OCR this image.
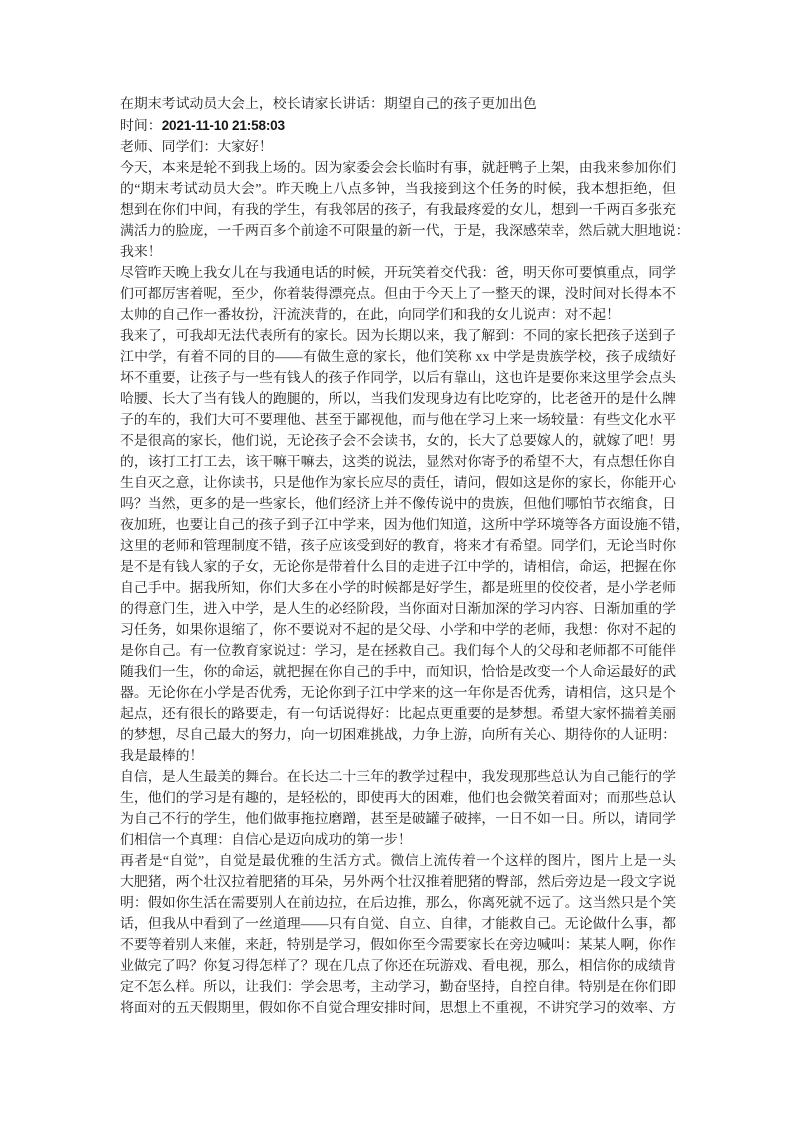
在期末考试动员大会上，校长请家长讲话：期望自己的孩子更加出色
时间：2021-11-10 21:58:03
老师、同学们：大家好！
今天，本来是轮不到我上场的。因为家委会会长临时有事，就赶鸭子上架，由我来参加你们
的“期末考试动员大会”。昨天晚上八点多钟，当我接到这个任务的时候，我本想拒绝，但
想到在你们中间，有我的学生，有我邻居的孩子，有我最疼爱的女儿，想到一千两百多张充
满活力的脸庞，一千两百多个前途不可限量的新一代，于是，我深感荣幸，然后就大胆地说：
我来！
尽管昨天晚上我女儿在与我通电话的时候，开玩笑着交代我：爸，明天你可要慎重点，同学
们可都厉害着呢，至少，你着装得漂亮点。但由于今天上了一整天的课，没时间对长得本不
太帅的自己作一番妆扮，汗流浃背的，在此，向同学们和我的女儿说声：对不起！
我来了，可我却无法代表所有的家长。因为长期以来，我了解到：不同的家长把孩子送到子
江中学，有着不同的目的——有做生意的家长，他们笑称 xx 中学是贵族学校，孩子成绩好
坏不重要，让孩子与一些有钱人的孩子作同学，以后有靠山，这也许是要你来这里学会点头
哈腰、长大了当有钱人的跑腿的，所以，当我们发现身边有比吃穿的，比老爸开的是什么牌
子的车的，我们大可不要理他、甚至于鄙视他，而与他在学习上来一场较量：有些文化水平
不是很高的家长，他们说，无论孩子会不会读书，女的，长大了总要嫁人的，就嫁了吧！男
的，该打工打工去，该干嘛干嘛去，这类的说法，显然对你寄予的希望不大，有点想任你自
生自灭之意，让你读书，只是他作为家长应尽的责任，请问，假如这是你的家长，你能开心
吗？当然，更多的是一些家长，他们经济上并不像传说中的贵族，但他们哪怕节衣缩食，日
夜加班，也要让自己的孩子到子江中学来，因为他们知道，这所中学环境等各方面设施不错，
这里的老师和管理制度不错，孩子应该受到好的教育，将来才有希望。同学们，无论当时你
是不是有钱人家的子女，无论你是带着什么目的走进子江中学的，请相信，命运，把握在你
自己手中。据我所知，你们大多在小学的时候都是好学生，都是班里的佼佼者，是小学老师
的得意门生，进入中学，是人生的必经阶段，当你面对日渐加深的学习内容、日渐加重的学
习任务，如果你退缩了，你不要说对不起的是父母、小学和中学的老师，我想：你对不起的
是你自己。有一位教育家说过：学习，是在拯救自己。我们每个人的父母和老师都不可能伴
随我们一生，你的命运，就把握在你自己的手中，而知识，恰恰是改变一个人命运最好的武
器。无论你在小学是否优秀，无论你到子江中学来的这一年你是否优秀，请相信，这只是个
起点，还有很长的路要走，有一句话说得好：比起点更重要的是梦想。希望大家怀揣着美丽
的梦想，尽自己最大的努力，向一切困难挑战，力争上游，向所有关心、期待你的人证明：
我是最棒的！
自信，是人生最美的舞台。在长达二十三年的教学过程中，我发现那些总认为自己能行的学
生，他们的学习是有趣的，是轻松的，即使再大的困难，他们也会微笑着面对；而那些总认
为自己不行的学生，他们做事拖拉磨蹭，甚至是破罐子破摔，一日不如一日。所以，请同学
们相信一个真理：自信心是迈向成功的第一步！
再者是“自觉”，自觉是最优雅的生活方式。微信上流传着一个这样的图片，图片上是一头
大肥猪，两个壮汉拉着肥猪的耳朵，另外两个壮汉推着肥猪的臀部，然后旁边是一段文字说
明：假如你生活在需要别人在前边拉，在后边推，那么，你离死就不远了。这当然只是个笑
话，但我从中看到了一丝道理——只有自觉、自立、自律，才能救自己。无论做什么事，都
不要等着别人来催，来赶，特别是学习，假如你至今需要家长在旁边喊叫：某某人啊，你作
业做完了吗？你复习得怎样了？现在几点了你还在玩游戏、看电视，那么，相信你的成绩肯
定不怎么样。所以，让我们：学会思考，主动学习，勤奋坚持，自控自律。特别是在你们即
将面对的五天假期里，假如你不自觉合理安排时间，思想上不重视，不讲究学习的效率、方
